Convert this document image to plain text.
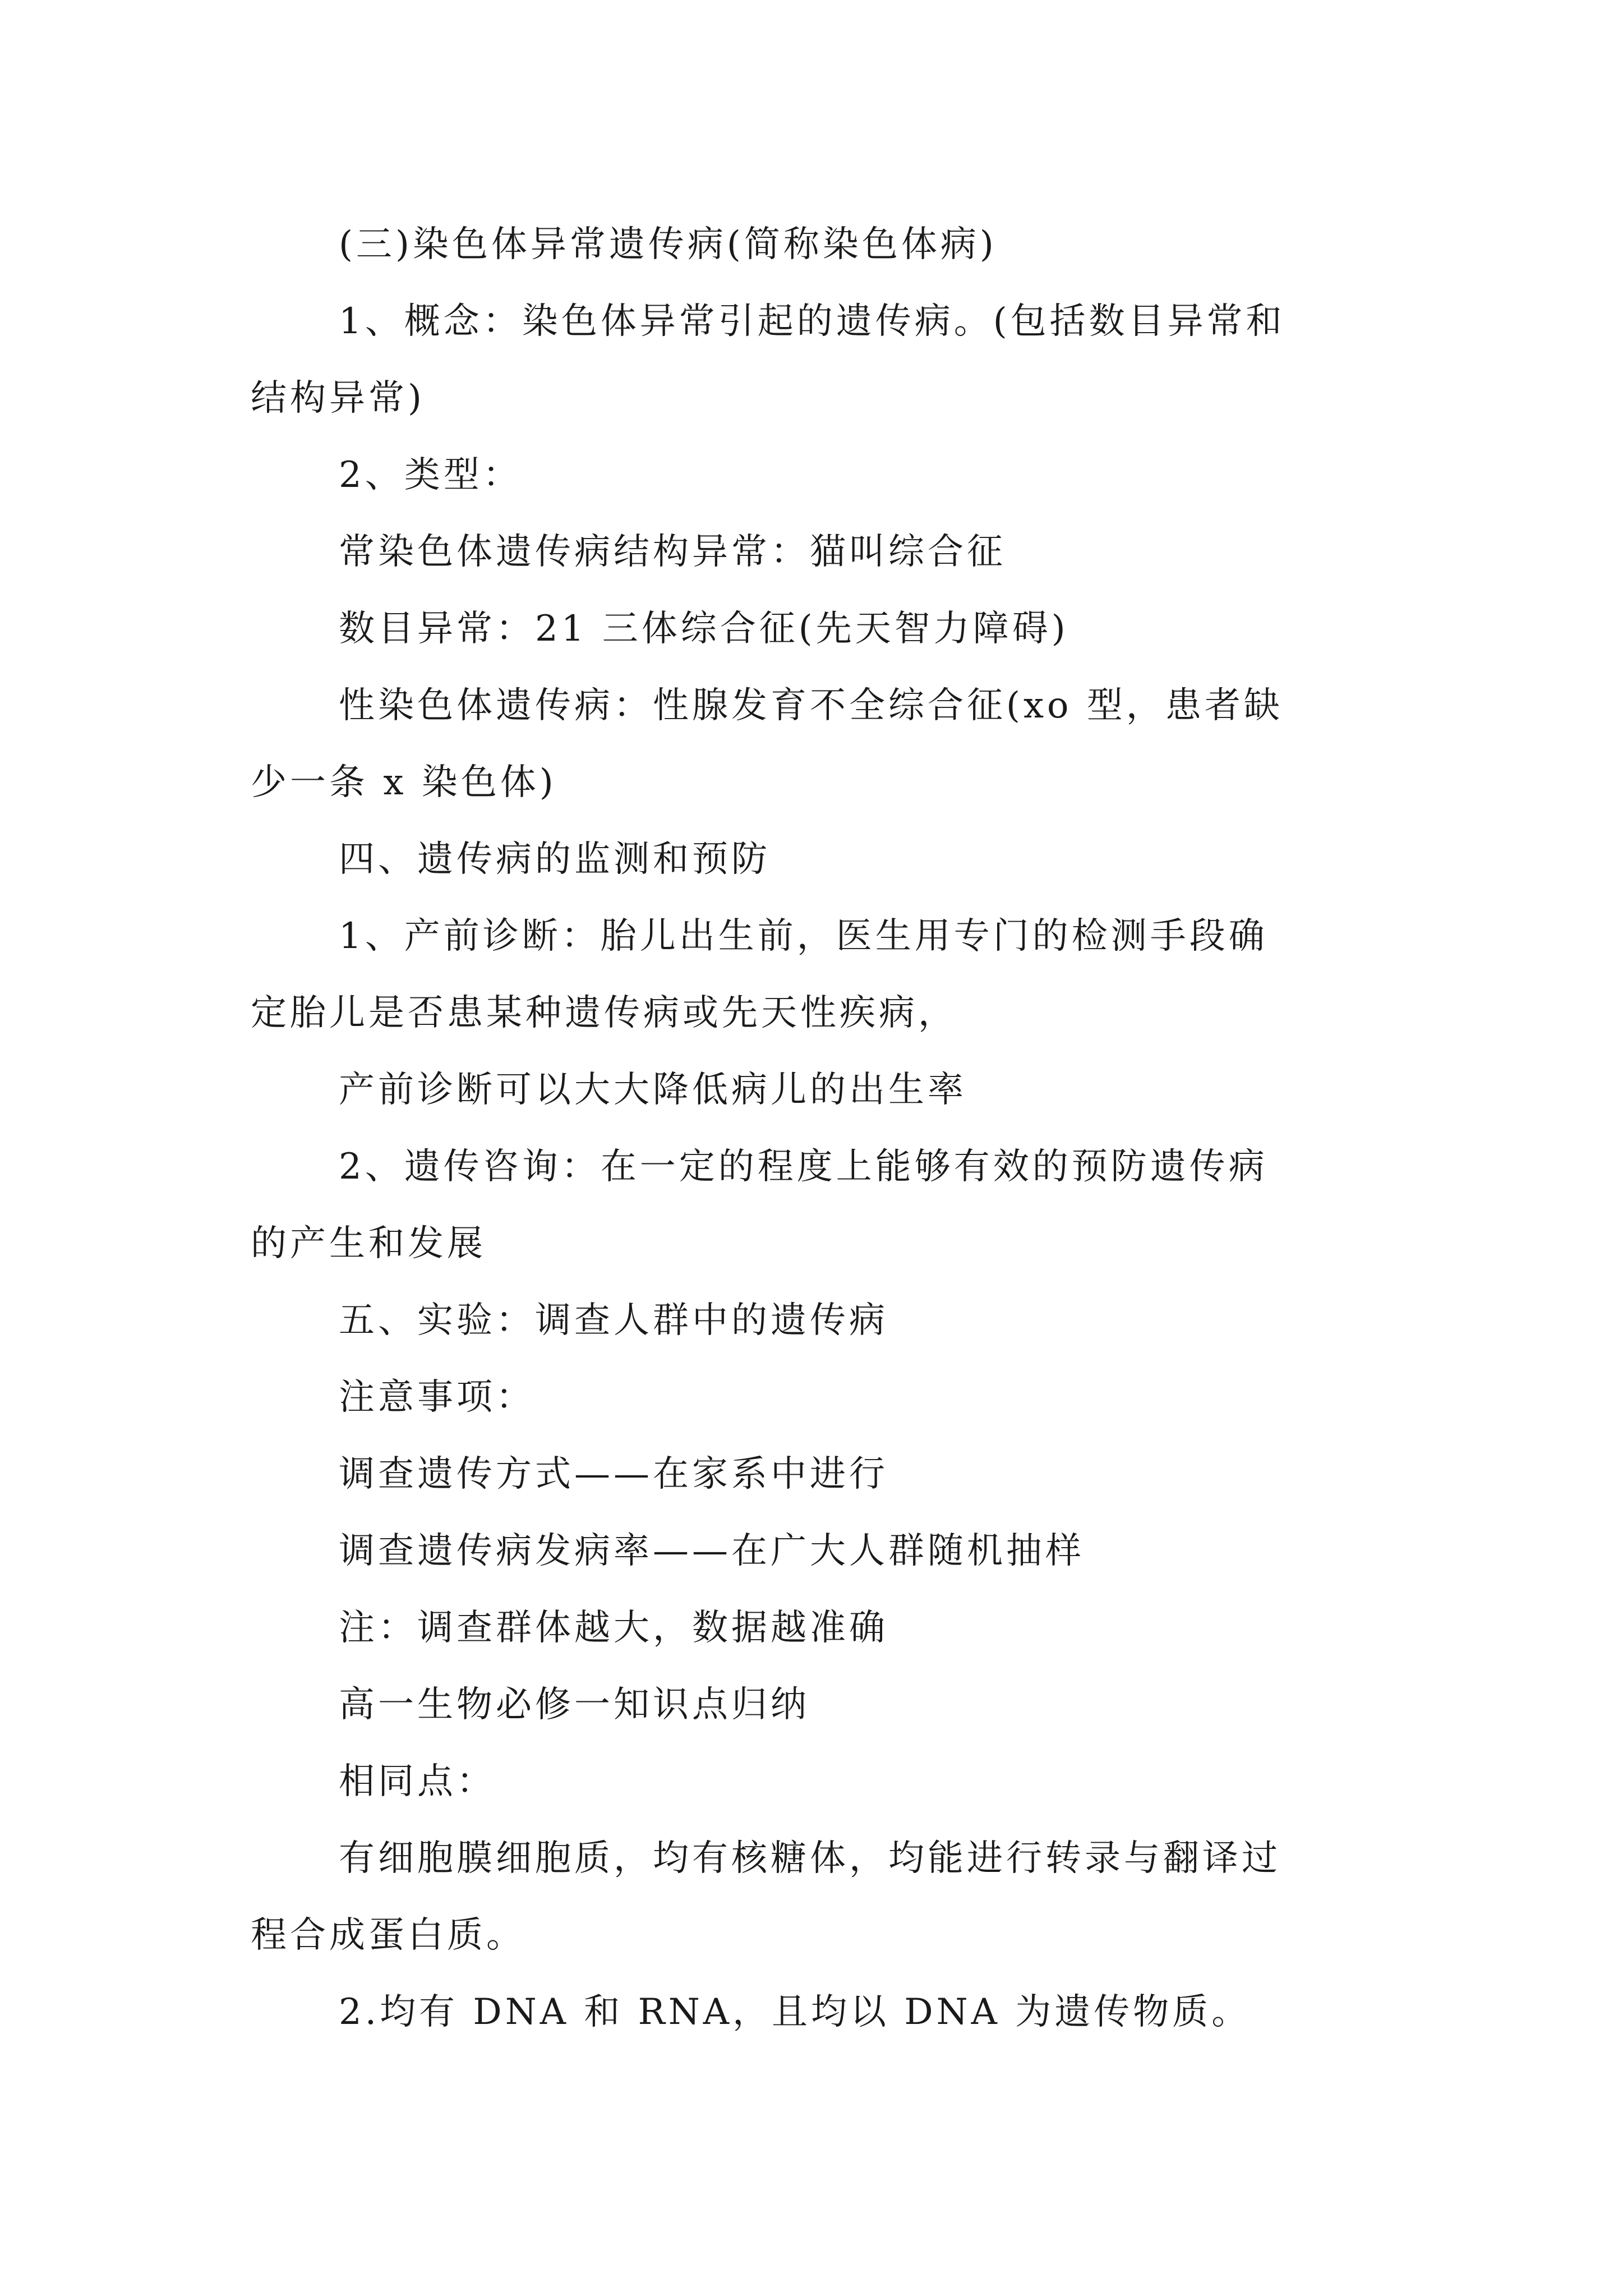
(三)染色体异常遗传病(简称染色体病)
1、概念：染色体异常引起的遗传病。(包括数目异常和
结构异常)
2、类型：
常染色体遗传病结构异常：猫叫综合征
数目异常：21 三体综合征(先天智力障碍)
性染色体遗传病：性腺发育不全综合征(xo 型，患者缺
少一条 x 染色体)
四、遗传病的监测和预防
1、产前诊断：胎儿出生前，医生用专门的检测手段确
定胎儿是否患某种遗传病或先天性疾病，
产前诊断可以大大降低病儿的出生率
2、遗传咨询：在一定的程度上能够有效的预防遗传病
的产生和发展
五、实验：调查人群中的遗传病
注意事项：
调查遗传方式——在家系中进行
调查遗传病发病率——在广大人群随机抽样
注：调查群体越大，数据越准确
高一生物必修一知识点归纳
相同点：
有细胞膜细胞质，均有核糖体，均能进行转录与翻译过
程合成蛋白质。
2.均有 DNA 和 RNA，且均以 DNA 为遗传物质。
